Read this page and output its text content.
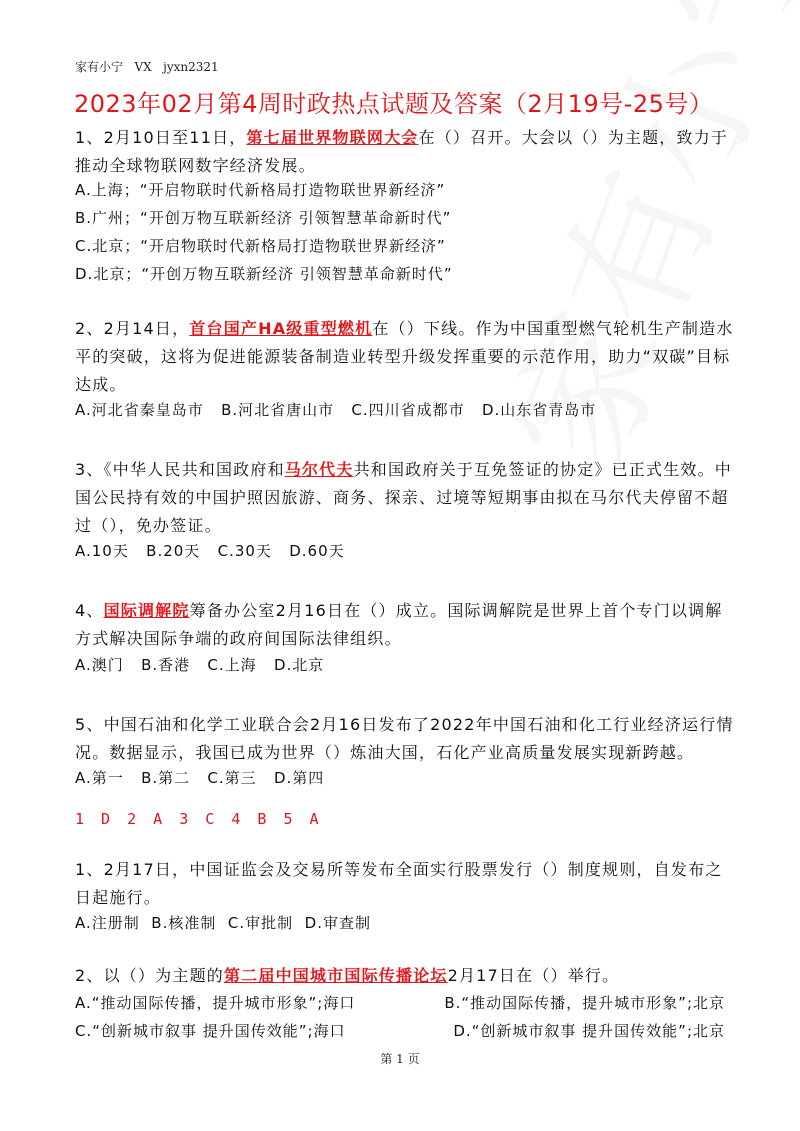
家有小宁   VX   jyxn2321
2023年02月第4周时政热点试题及答案（2月19号-25号）
1、2月10日至11日，第七届世界物联网大会在（）召开。大会以（）为主题，致力于推动全球物联网数字经济发展。
A.上海；“开启物联时代新格局打造物联世界新经济”
B.广州；“开创万物互联新经济 引领智慧革命新时代”
C.北京；“开启物联时代新格局打造物联世界新经济”
D.北京；“开创万物互联新经济 引领智慧革命新时代”
2、2月14日，首台国产HA级重型燃机在（）下线。作为中国重型燃气轮机生产制造水平的突破，这将为促进能源装备制造业转型升级发挥重要的示范作用，助力“双碳”目标达成。
A.河北省秦皇岛市   B.河北省唐山市   C.四川省成都市   D.山东省青岛市
3、《中华人民共和国政府和马尔代夫共和国政府关于互免签证的协定》已正式生效。中国公民持有效的中国护照因旅游、商务、探亲、过境等短期事由拟在马尔代夫停留不超过（），免办签证。
A.10天   B.20天   C.30天   D.60天
4、国际调解院筹备办公室2月16日在（）成立。国际调解院是世界上首个专门以调解方式解决国际争端的政府间国际法律组织。
A.澳门   B.香港   C.上海   D.北京
5、中国石油和化学工业联合会2月16日发布了2022年中国石油和化工行业经济运行情况。数据显示，我国已成为世界（）炼油大国，石化产业高质量发展实现新跨越。
A.第一   B.第二   C.第三   D.第四
1 D 2 A 3 C 4 B 5 A
1、2月17日，中国证监会及交易所等发布全面实行股票发行（）制度规则，自发布之日起施行。
A.注册制  B.核准制  C.审批制  D.审查制
2、以（）为主题的第二届中国城市国际传播论坛2月17日在（）举行。
A.“推动国际传播，提升城市形象”;海口	B.“推动国际传播，提升城市形象”;北京
C.“创新城市叙事 提升国传效能”;海口	D.“创新城市叙事 提升国传效能”;北京
第 1 页
